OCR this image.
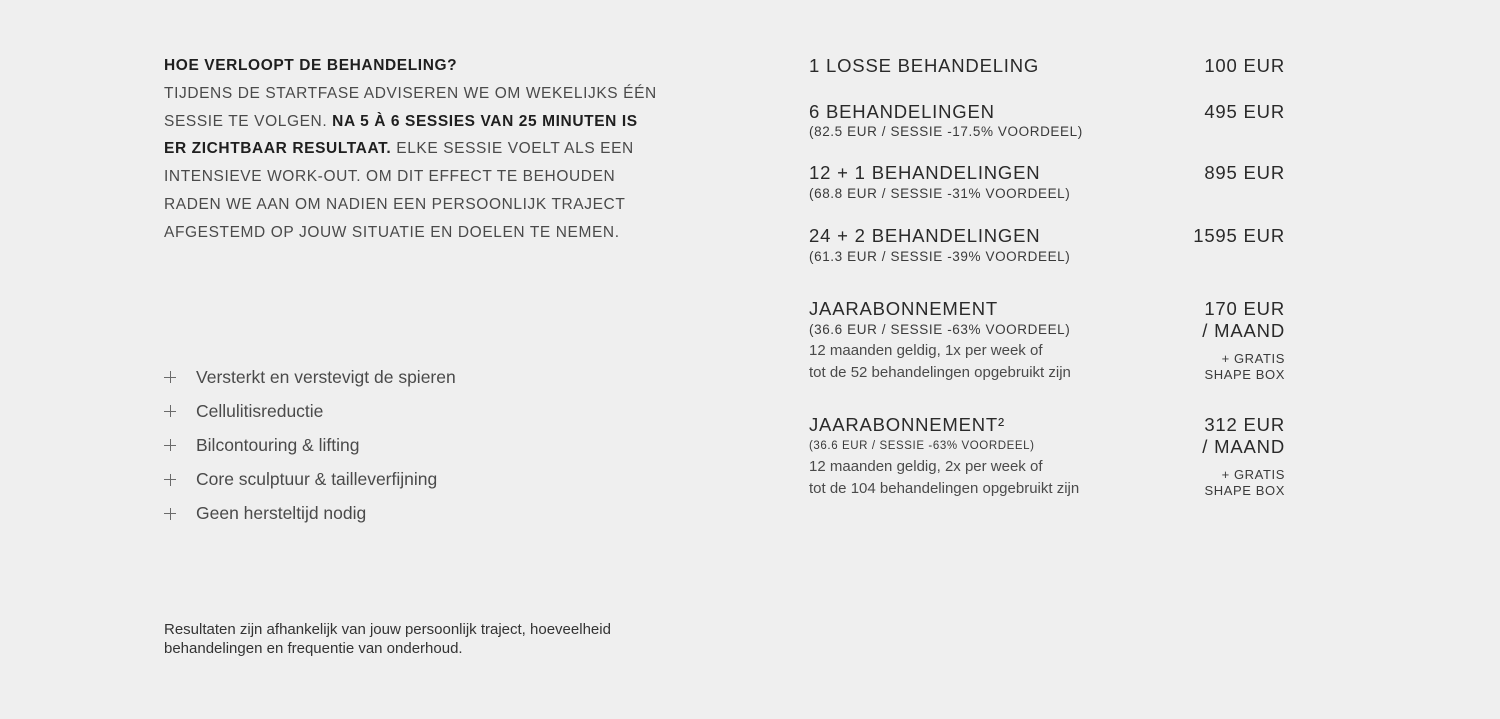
HOE VERLOOPT DE BEHANDELING?
TIJDENS DE STARTFASE ADVISEREN WE OM WEKELIJKS ÉÉN SESSIE TE VOLGEN. NA 5 À 6 SESSIES VAN 25 MINUTEN IS ER ZICHTBAAR RESULTAAT. ELKE SESSIE VOELT ALS EEN INTENSIEVE WORK-OUT. OM DIT EFFECT TE BEHOUDEN RADEN WE AAN OM NADIEN EEN PERSOONLIJK TRAJECT AFGESTEMD OP JOUW SITUATIE EN DOELEN TE NEMEN.
Versterkt en verstevigt de spieren
Cellulitisreductie
Bilcontouring & lifting
Core sculptuur & tailleverfijning
Geen hersteltijd nodig
Resultaten zijn afhankelijk van jouw persoonlijk traject, hoeveelheid
behandelingen en frequentie van onderhoud.
1 LOSSE BEHANDELING	100 EUR
6 BEHANDELINGEN	495 EUR
(82.5 EUR / SESSIE -17.5% VOORDEEL)
12 + 1 BEHANDELINGEN	895 EUR
(68.8 EUR / SESSIE -31% VOORDEEL)
24 + 2 BEHANDELINGEN	1595 EUR
(61.3 EUR / SESSIE -39% VOORDEEL)
JAARABONNEMENT	170 EUR
/ MAAND
(36.6 EUR / SESSIE -63% VOORDEEL)
12 maanden geldig, 1x per week of
tot de 52 behandelingen opgebruikt zijn
+ GRATIS
SHAPE BOX
JAARABONNEMENT²	312 EUR
/ MAAND
(36.6 EUR / SESSIE -63% VOORDEEL)
12 maanden geldig, 2x per week of
tot de 104 behandelingen opgebruikt zijn
+ GRATIS
SHAPE BOX
